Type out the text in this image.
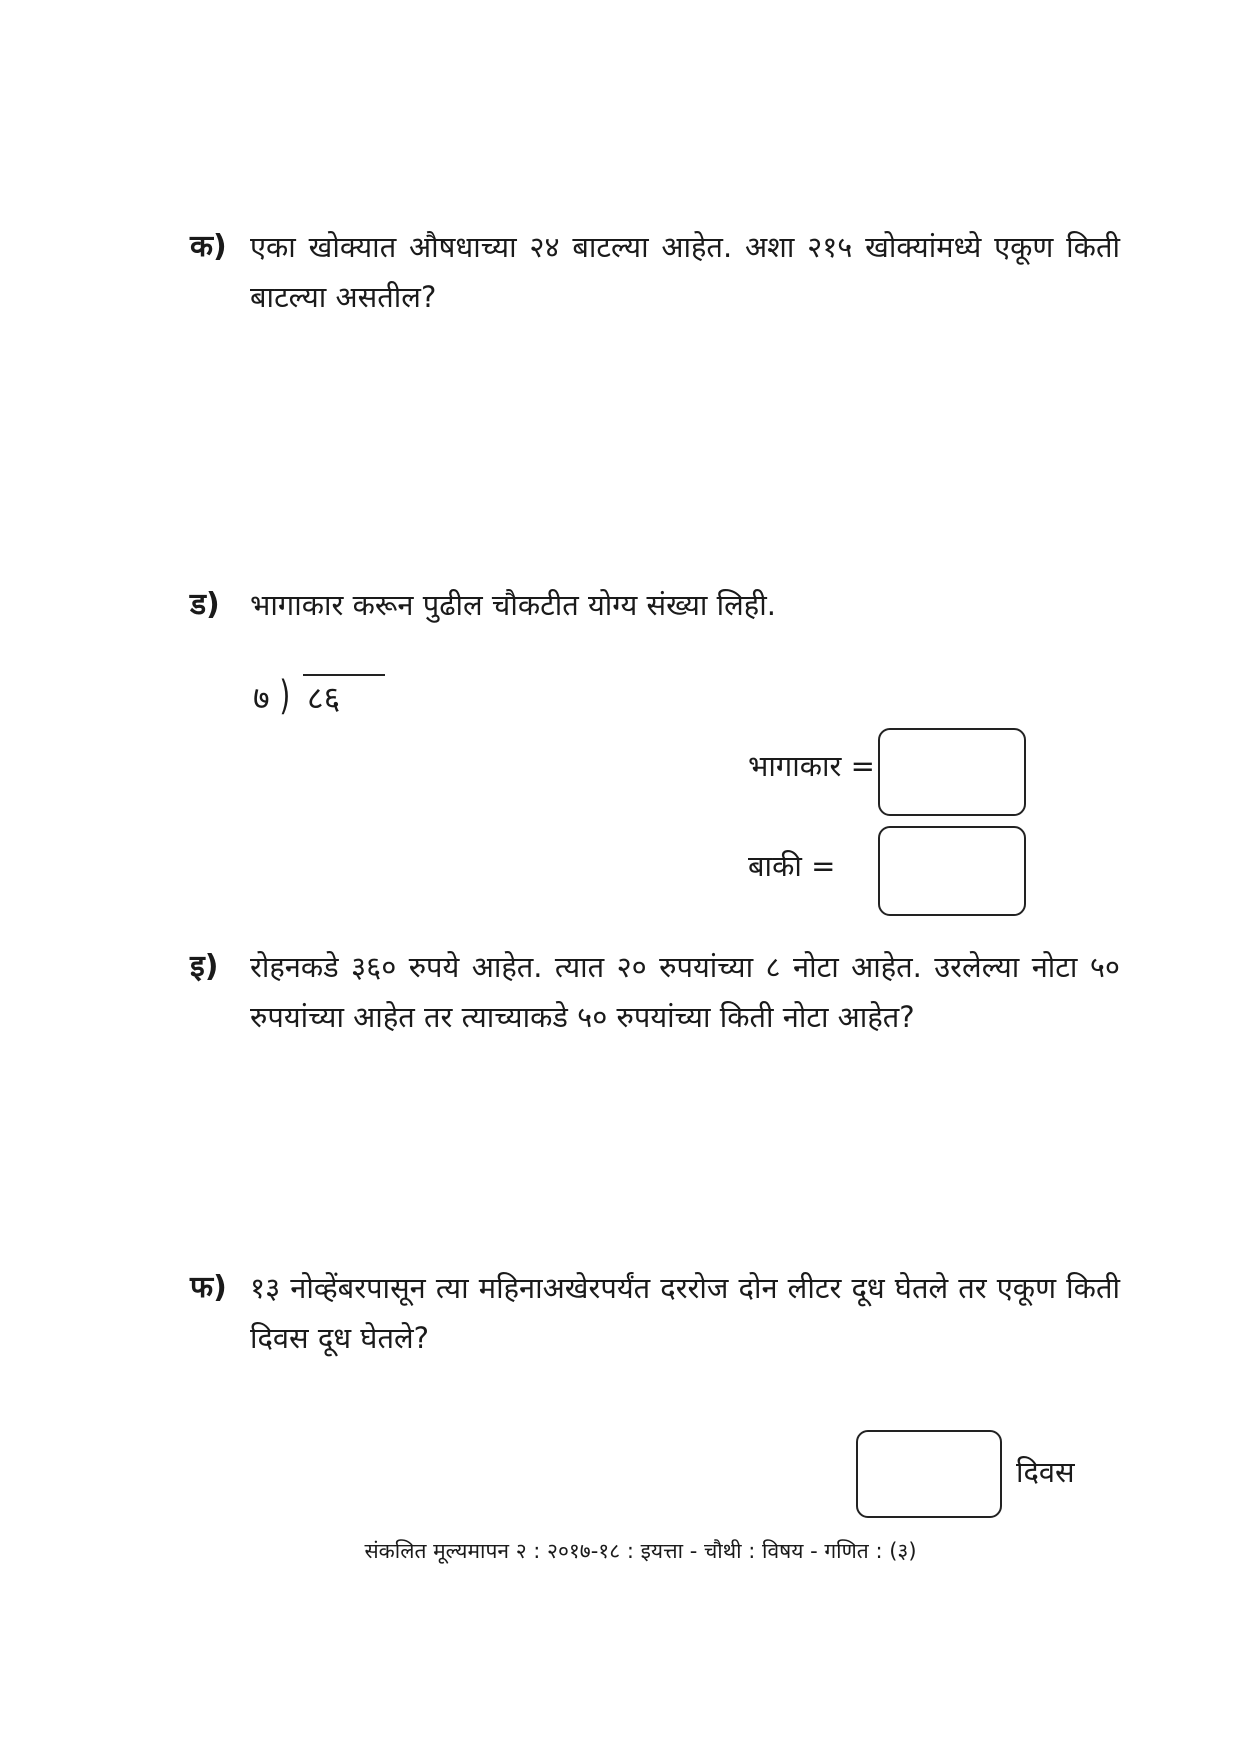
क) एका खोक्यात औषधाच्या २४ बाटल्या आहेत. अशा २१५ खोक्यांमध्ये एकूण किती बाटल्या असतील?
ड) भागाकार करून पुढील चौकटीत योग्य संख्या लिही.
७ ) ८६
भागाकार =
बाकी =
इ) रोहनकडे ३६० रुपये आहेत. त्यात २० रुपयांच्या ८ नोटा आहेत. उरलेल्या नोटा ५० रुपयांच्या आहेत तर त्याच्याकडे ५० रुपयांच्या किती नोटा आहेत?
फ) १३ नोव्हेंबरपासून त्या महिनाअखेरपर्यंत दररोज दोन लीटर दूध घेतले तर एकूण किती दिवस दूध घेतले?
दिवस
संकलित मूल्यमापन २ : २०१७-१८ : इयत्ता - चौथी : विषय - गणित : (३)
